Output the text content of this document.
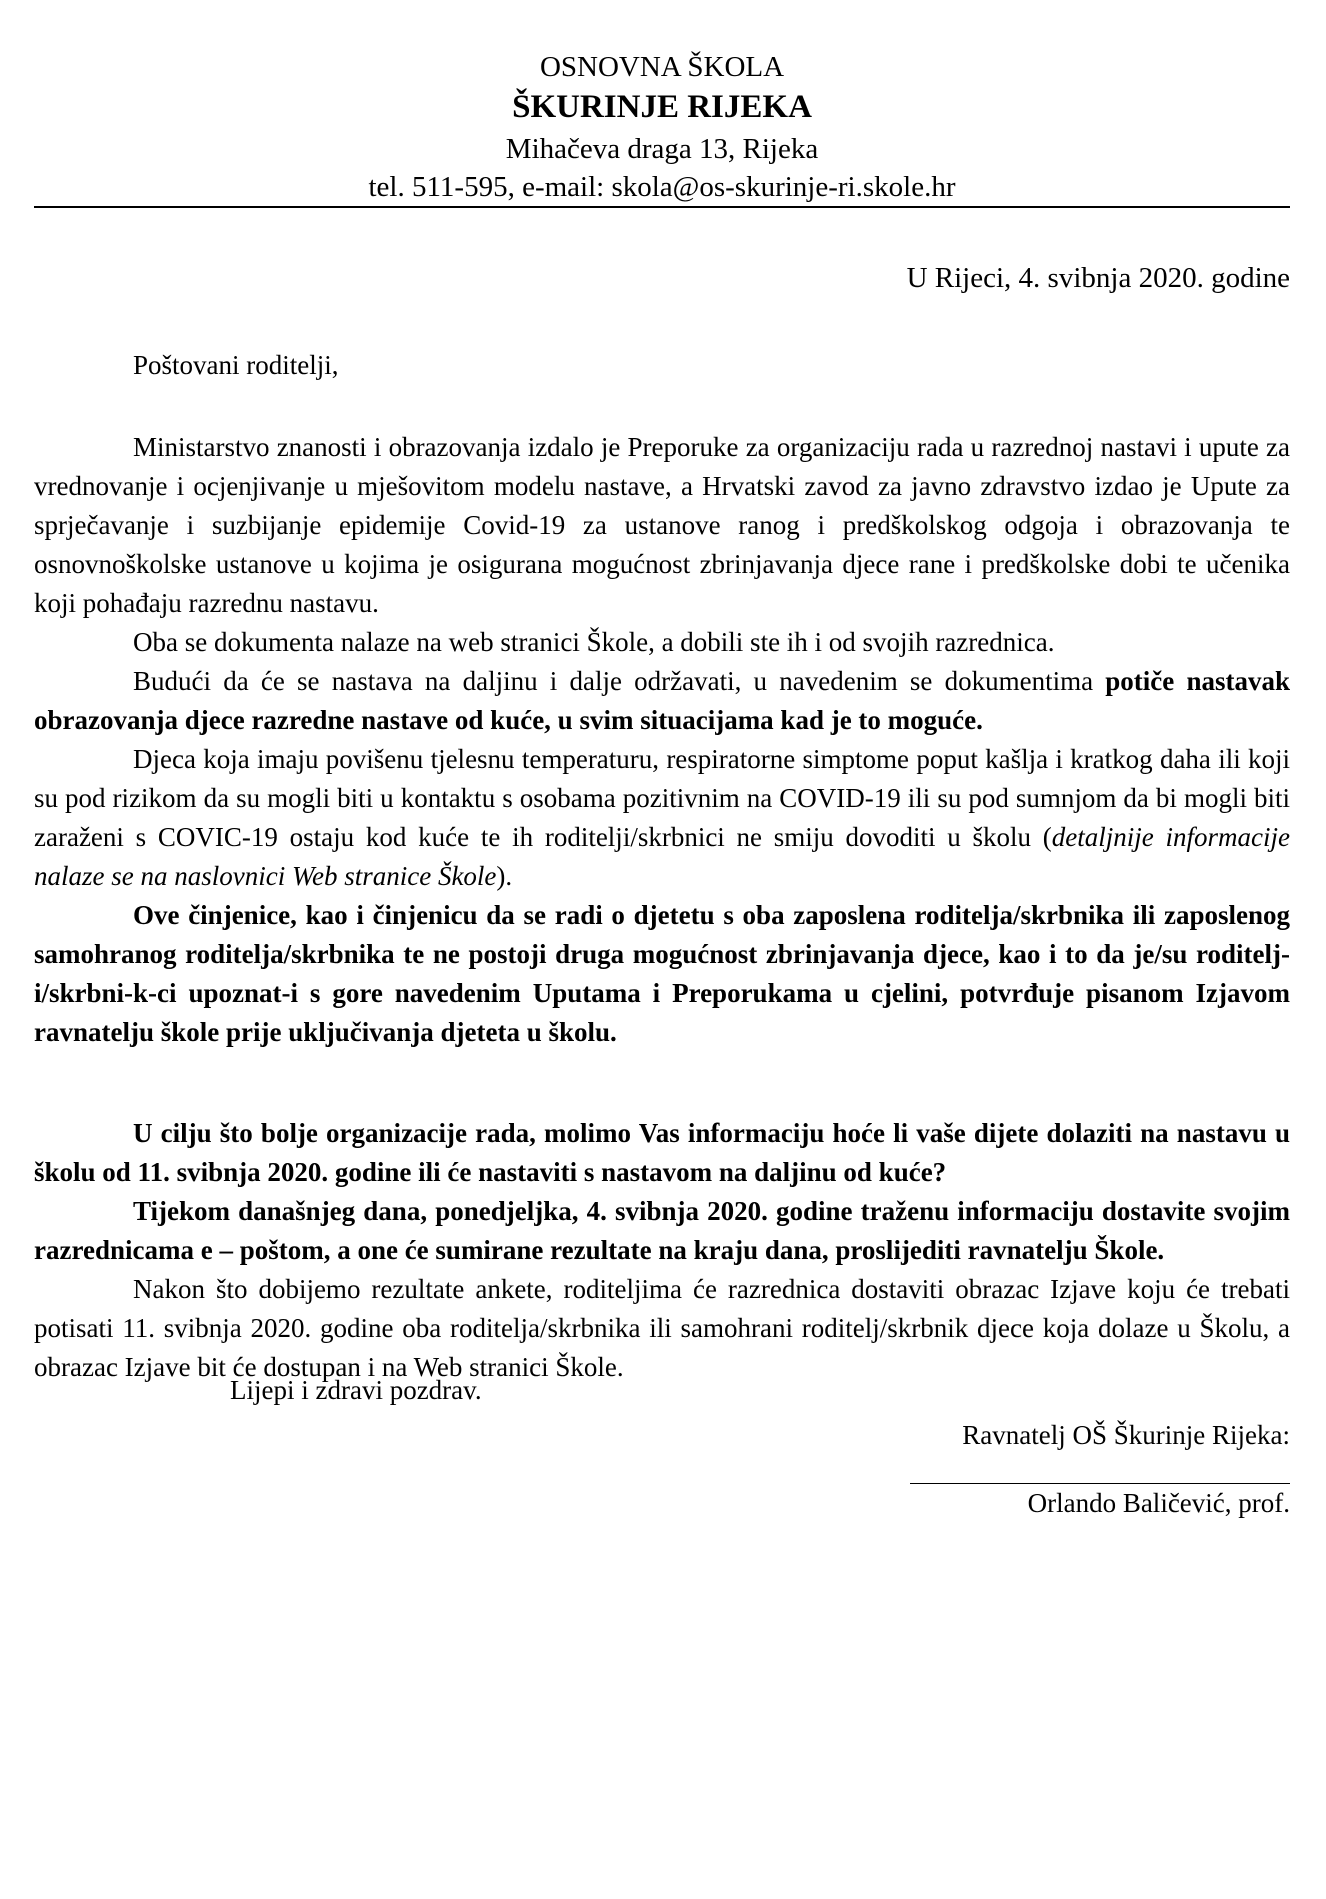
OSNOVNA ŠKOLA
ŠKURINJE RIJEKA
Mihačeva draga 13, Rijeka
tel. 511-595, e-mail: skola@os-skurinje-ri.skole.hr
U Rijeci, 4. svibnja 2020. godine
Poštovani roditelji,

Ministarstvo znanosti i obrazovanja izdalo je Preporuke za organizaciju rada u razrednoj nastavi i upute za vrednovanje i ocjenjivanje u mješovitom modelu nastave, a Hrvatski zavod za javno zdravstvo izdao je Upute za sprječavanje i suzbijanje epidemije Covid-19 za ustanove ranog i predškolskog odgoja i obrazovanja te osnovnoškolske ustanove u kojima je osigurana mogućnost zbrinjavanja djece rane i predškolske dobi te učenika koji pohađaju razrednu nastavu.

Oba se dokumenta nalaze na web stranici Škole, a dobili ste ih i od svojih razrednica.

Budući da će se nastava na daljinu i dalje održavati, u navedenim se dokumentima potiče nastavak obrazovanja djece razredne nastave od kuće, u svim situacijama kad je to moguće.

Djeca koja imaju povišenu tjelesnu temperaturu, respiratorne simptome poput kašlja i kratkog daha ili koji su pod rizikom da su mogli biti u kontaktu s osobama pozitivnim na COVID-19 ili su pod sumnjom da bi mogli biti zaraženi s COVIC-19 ostaju kod kuće te ih roditelji/skrbnici ne smiju dovoditi u školu (detaljnije informacije nalaze se na naslovnici Web stranice Škole).

Ove činjenice, kao i činjenicu da se radi o djetetu s oba zaposlena roditelja/skrbnika ili zaposlenog samohranog roditelja/skrbnika te ne postoji druga mogućnost zbrinjavanja djece, kao i to da je/su roditelj-i/skrbni-k-ci upoznat-i s gore navedenim Uputama i Preporukama u cjelini, potvrđuje pisanom Izjavom ravnatelju škole prije uključivanja djeteta u školu.

U cilju što bolje organizacije rada, molimo Vas informaciju hoće li vaše dijete dolaziti na nastavu u školu od 11. svibnja 2020. godine ili će nastaviti s nastavom na daljinu od kuće?

Tijekom današnjeg dana, ponedjeljka, 4. svibnja 2020. godine traženu informaciju dostavite svojim razrednicama e – poštom, a one će sumirane rezultate na kraju dana, proslijediti ravnatelju Škole.

Nakon što dobijemo rezultate ankete, roditeljima će razrednica dostaviti obrazac Izjave koju će trebati potisati 11. svibnja 2020. godine oba roditelja/skrbnika ili samohrani roditelj/skrbnik djece koja dolaze u Školu, a obrazac Izjave bit će dostupan i na Web stranici Škole.

Lijepi i zdravi pozdrav.
Ravnatelj OŠ Škurinje Rijeka:
Orlando Baličević, prof.
